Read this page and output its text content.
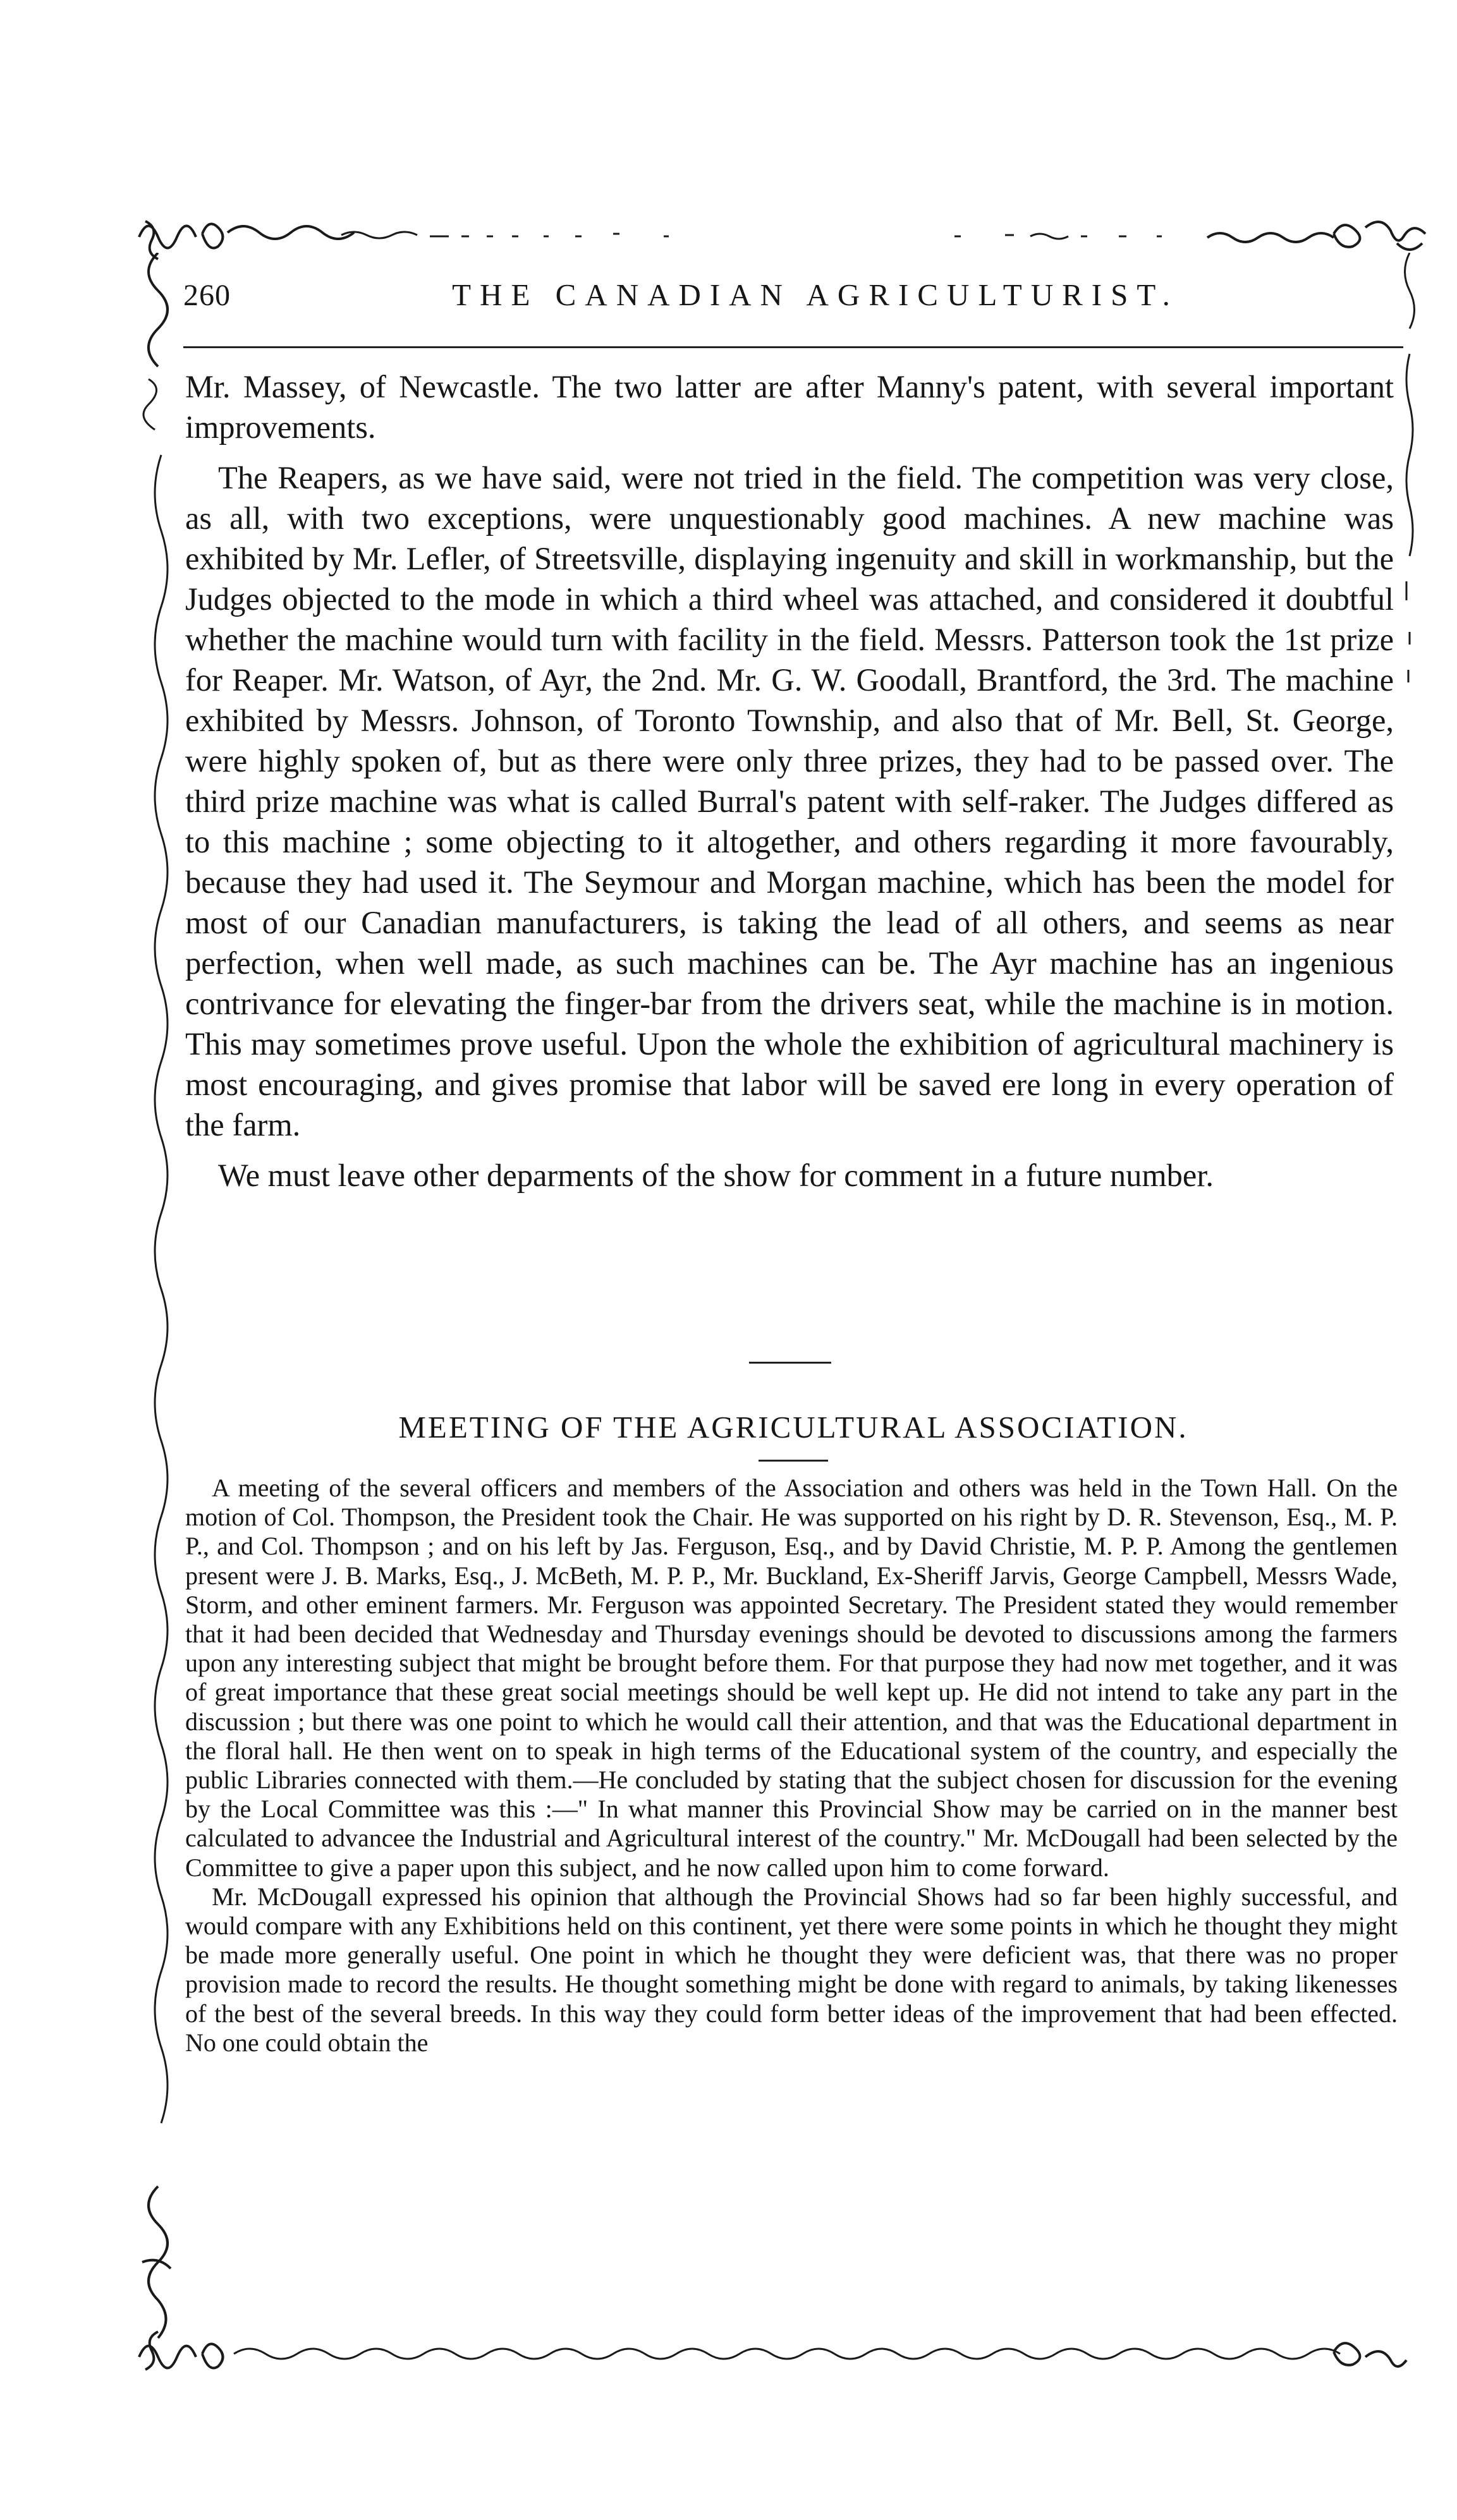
260	THE CANADIAN AGRICULTURIST.

Mr. Massey, of Newcastle. The two latter are after Manny's patent, with several important improvements.

The Reapers, as we have said, were not tried in the field. The competition was very close, as all, with two exceptions, were unquestionably good machines. A new machine was exhibited by Mr. Lefler, of Streetsville, displaying ingenuity and skill in workmanship, but the Judges objected to the mode in which a third wheel was attached, and considered it doubtful whether the machine would turn with facility in the field. Messrs. Patterson took the 1st prize for Reaper. Mr. Watson, of Ayr, the 2nd. Mr. G. W. Goodall, Brantford, the 3rd. The machine exhibited by Messrs. Johnson, of Toronto Township, and also that of Mr. Bell, St. George, were highly spoken of, but as there were only three prizes, they had to be passed over. The third prize machine was what is called Burral's patent with self-raker. The Judges differed as to this machine ; some objecting to it altogether, and others regarding it more favourably, because they had used it. The Seymour and Morgan machine, which has been the model for most of our Canadian manufacturers, is taking the lead of all others, and seems as near perfection, when well made, as such machines can be. The Ayr machine has an ingenious contrivance for elevating the finger-bar from the drivers seat, while the machine is in motion. This may sometimes prove useful. Upon the whole the exhibition of agricultural machinery is most encouraging, and gives promise that labor will be saved ere long in every operation of the farm.

We must leave other deparments of the show for comment in a future number.

MEETING OF THE AGRICULTURAL ASSOCIATION.

A meeting of the several officers and members of the Association and others was held in the Town Hall. On the motion of Col. Thompson, the President took the Chair. He was supported on his right by D. R. Stevenson, Esq., M. P. P., and Col. Thompson ; and on his left by Jas. Ferguson, Esq., and by David Christie, M. P. P. Among the gentlemen present were J. B. Marks, Esq., J. McBeth, M. P. P., Mr. Buckland, Ex-Sheriff Jarvis, George Campbell, Messrs Wade, Storm, and other eminent farmers. Mr. Ferguson was appointed Secretary. The President stated they would remember that it had been decided that Wednesday and Thursday evenings should be devoted to discussions among the farmers upon any interesting subject that might be brought before them. For that purpose they had now met together, and it was of great importance that these great social meetings should be well kept up. He did not intend to take any part in the discussion ; but there was one point to which he would call their attention, and that was the Educational department in the floral hall. He then went on to speak in high terms of the Educational system of the country, and especially the public Libraries connected with them.—He concluded by stating that the subject chosen for discussion for the evening by the Local Committee was this :—" In what manner this Provincial Show may be carried on in the manner best calculated to advancee the Industrial and Agricultural interest of the country." Mr. McDougall had been selected by the Committee to give a paper upon this subject, and he now called upon him to come forward.

Mr. McDougall expressed his opinion that although the Provincial Shows had so far been highly successful, and would compare with any Exhibitions held on this continent, yet there were some points in which he thought they might be made more generally useful. One point in which he thought they were deficient was, that there was no proper provision made to record the results. He thought something might be done with regard to animals, by taking likenesses of the best of the several breeds. In this way they could form better ideas of the improvement that had been effected. No one could obtain the
